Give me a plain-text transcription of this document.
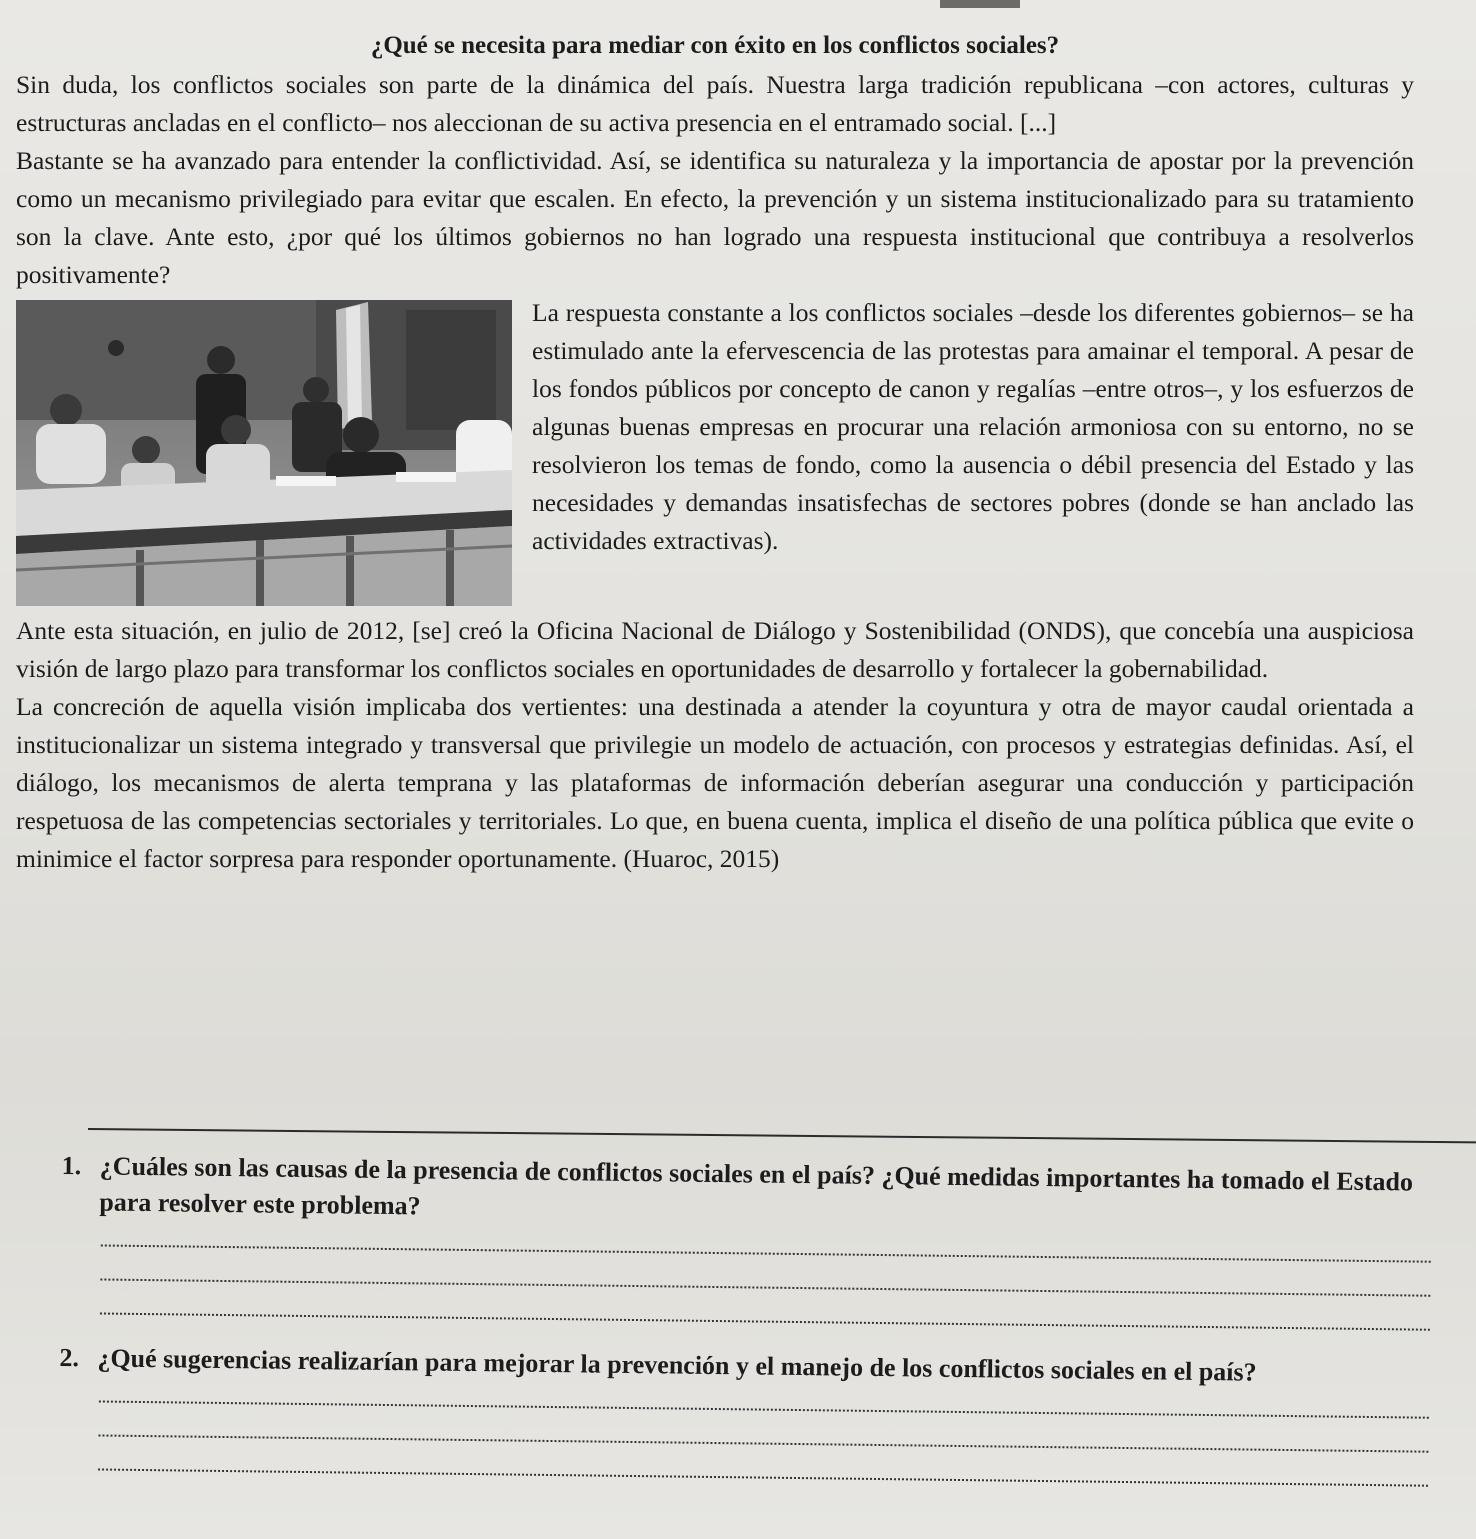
¿Qué se necesita para mediar con éxito en los conflictos sociales?

Sin duda, los conflictos sociales son parte de la dinámica del país. Nuestra larga tradición republicana –con actores, culturas y estructuras ancladas en el conflicto– nos aleccionan de su activa presencia en el entramado social. [...]

Bastante se ha avanzado para entender la conflictividad. Así, se identifica su naturaleza y la importancia de apostar por la prevención como un mecanismo privilegiado para evitar que escalen. En efecto, la prevención y un sistema institucionalizado para su tratamiento son la clave. Ante esto, ¿por qué los últimos gobiernos no han logrado una respuesta institucional que contribuya a resolverlos positivamente?

La respuesta constante a los conflictos sociales –desde los diferentes gobiernos– se ha estimulado ante la efervescencia de las protestas para amainar el temporal. A pesar de los fondos públicos por concepto de canon y regalías –entre otros–, y los esfuerzos de algunas buenas empresas en procurar una relación armoniosa con su entorno, no se resolvieron los temas de fondo, como la ausencia o débil presencia del Estado y las necesidades y demandas insatisfechas de sectores pobres (donde se han anclado las actividades extractivas).

Ante esta situación, en julio de 2012, [se] creó la Oficina Nacional de Diálogo y Sostenibilidad (ONDS), que concebía una auspiciosa visión de largo plazo para transformar los conflictos sociales en oportunidades de desarrollo y fortalecer la gobernabilidad.

La concreción de aquella visión implicaba dos vertientes: una destinada a atender la coyuntura y otra de mayor caudal orientada a institucionalizar un sistema integrado y transversal que privilegie un modelo de actuación, con procesos y estrategias definidas. Así, el diálogo, los mecanismos de alerta temprana y las plataformas de información deberían asegurar una conducción y participación respetuosa de las competencias sectoriales y territoriales. Lo que, en buena cuenta, implica el diseño de una política pública que evite o minimice el factor sorpresa para responder oportunamente. (Huaroc, 2015)

1. ¿Cuáles son las causas de la presencia de conflictos sociales en el país? ¿Qué medidas importantes ha tomado el Estado para resolver este problema?
2. ¿Qué sugerencias realizarían para mejorar la prevención y el manejo de los conflictos sociales en el país?
